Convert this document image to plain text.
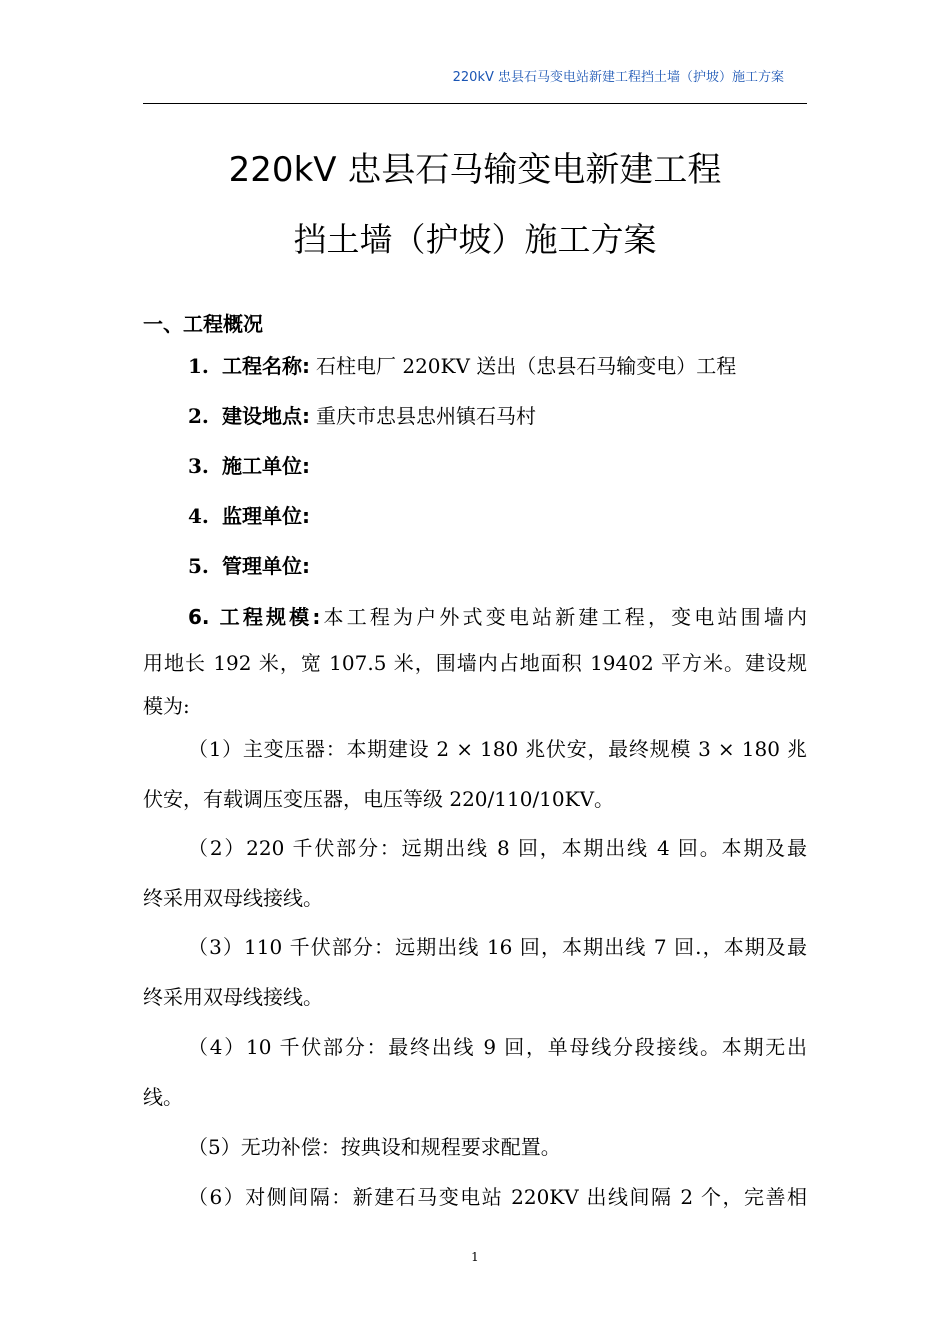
220kV 忠县石马变电站新建工程挡土墙（护坡）施工方案
220kV 忠县石马输变电新建工程
挡土墙（护坡）施工方案
一、工程概况
1. 工程名称: 石柱电厂 220KV 送出（忠县石马输变电）工程
2. 建设地点: 重庆市忠县忠州镇石马村
3. 施工单位:
4. 监理单位:
5. 管理单位:
6. 工程规模:本工程为户外式变电站新建工程，变电站围墙内
用地长 192 米，宽 107.5 米，围墙内占地面积 19402 平方米。建设规
模为:
（1）主变压器：本期建设 2 × 180 兆伏安，最终规模 3 × 180 兆
伏安，有载调压变压器，电压等级 220/110/10KV。
（2）220 千伏部分：远期出线 8 回，本期出线 4 回。本期及最
终采用双母线接线。
（3）110 千伏部分：远期出线 16 回，本期出线 7 回.，本期及最
终采用双母线接线。
（4）10 千伏部分：最终出线 9 回，单母线分段接线。本期无出
线。
（5）无功补偿：按典设和规程要求配置。
（6）对侧间隔：新建石马变电站 220KV 出线间隔 2 个，完善相
1
